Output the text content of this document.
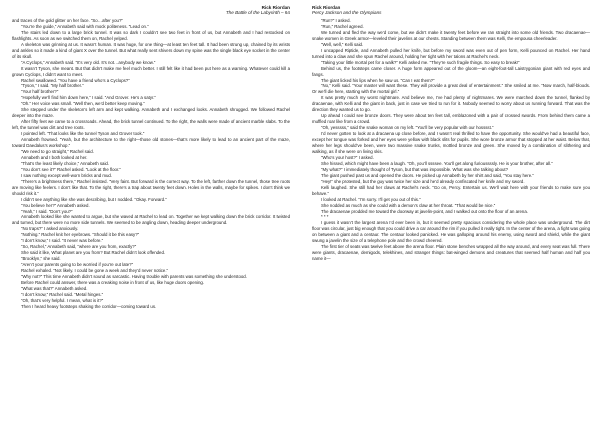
Rick Riordan
The Battle of the Labyrinth – 64

and traces of the gold glitter on her face. “So…after you?”

“You’re the guide,” Annabeth said with mock politeness. “Lead on.”

The stairs led down to a large brick tunnel. It was so dark I couldn’t see two feet in front of us, but Annabeth and I had restocked on flashlights. As soon as we switched them on, Rachel yelped.

A skeleton was grinning at us. It wasn’t human. It was huge, for one thing—at least ten feet tall. It had been strung up, chained by its wrists and ankles so it made a kind of giant X over the tunnel. But what really sent shivers down my spine was the single black eye socket in the center of its skull.

“A Cyclops,” Annabeth said. “It’s very old. It’s not…anybody we know.”

It wasn’t Tyson, she meant. But that didn’t make me feel much better. I still felt like it had been put here as a warning. Whatever could kill a grown Cyclops, I didn’t want to meet.

Rachel swallowed. “You have a friend who’s a Cyclops?”

“Tyson,” I said. “My half brother.”

“Your half brother?”

“Hopefully we’ll find him down here,” I said. “And Grover. He’s a satyr.”

“Oh.” Her voice was small. “Well then, we’d better keep moving.”

She stepped under the skeleton’s left arm and kept walking. Annabeth and I exchanged looks. Annabeth shrugged. We followed Rachel deeper into the maze.

After fifty feet we came to a crossroads. Ahead, the brick tunnel continued. To the right, the walls were made of ancient marble slabs. To the left, the tunnel was dirt and tree roots.

I pointed left. “That looks like the tunnel Tyson and Grover took.”

Annabeth frowned. “Yeah, but the architecture to the right—those old stones—that’s more likely to lead to an ancient part of the maze, toward Daedalus’s workshop.”

“We need to go straight,” Rachel said.

Annabeth and I both looked at her.

“That’s the least likely choice,” Annabeth said.

“You don’t see it?” Rachel asked. “Look at the floor.”

I saw nothing except well-worn bricks and mud.

“There’s a brightness there,” Rachel insisted. “Very faint. But forward is the correct way. To the left, farther down the tunnel, those tree roots are moving like feelers. I don’t like that. To the right, there’s a trap about twenty feet down. Holes in the walls, maybe for spikes. I don’t think we should risk it.”

I didn’t see anything like she was describing, but I nodded. “Okay. Forward.”

“You believe her?” Annabeth asked.

“Yeah,” I said. “Don’t you?”

Annabeth looked like she wanted to argue, but she waved at Rachel to lead on. Together we kept walking down the brick corridor. It twisted and turned, but there were no more side tunnels. We seemed to be angling down, heading deeper underground.

“No traps?” I asked anxiously.

“Nothing.” Rachel knit her eyebrows. “Should it be this easy?”

“I don’t know,” I said. “It never was before.”

“So, Rachel,” Annabeth said, “where are you from, exactly?”

She said it like, What planet are you from? But Rachel didn’t look offended.

“Brooklyn,” she said.

“Aren’t your parents going to be worried if you’re out late?”

Rachel exhaled. “Not likely. I could be gone a week and they’d never notice.”

“Why not?” This time Annabeth didn’t sound as sarcastic. Having trouble with parents was something she understood.

Before Rachel could answer, there was a creaking noise in front of us, like huge doors opening.

“What was that?” Annabeth asked.

“I don’t know,” Rachel said. “Metal hinges.”

“Oh, that’s very helpful. I mean, what is it?”

Then I heard heavy footsteps shaking the corridor—coming toward us.

Rick Riordan
Percy Jackson and the Olympians

“Run?” I asked.

“Run,” Rachel agreed.

We turned and fled the way we’d come, but we didn’t make it twenty feet before we ran straight into some old friends. Two dracaenae—snake women in Greek armor—leveled their javelins at our chests. Standing between them was Kelli, the empousa cheerleader.

“Well, well,” Kelli said.

I uncapped Riptide, and Annabeth pulled her knife, but before my sword was even out of pen form, Kelli pounced on Rachel. Her hand turned into a claw and she spun Rachel around, holding her tight with her talons at Rachel’s neck.

“Taking your little mortal pet for a walk?” Kelli asked me. “They’re such fragile things. So easy to break!”

Behind us, the footsteps came closer. A huge form appeared out of the gloom—an eight-foot-tall Laistrygonian giant with red eyes and fangs.

The giant licked his lips when he saw us. “Can I eat them?”

“No,” Kelli said. “Your master will want these. They will provide a great deal of entertainment.” She smiled at me. “Now march, half-bloods. Or we’ll die here, starting with the mortal girl.”

It was pretty much my worst nightmare. And believe me, I’ve had plenty of nightmares. We were marched down the tunnel, flanked by dracaenae, with Kelli and the giant in back, just in case we tried to run for it. Nobody seemed to worry about us running forward. That was the direction they wanted us to go.

Up ahead I could see bronze doors. They were about ten feet tall, emblazoned with a pair of crossed swords. From behind them came a muffled roar like from a crowd.

“Oh, yesssss,” said the snake woman on my left. “You’ll be very popular with our hosssst.”

I’d never gotten to look at a dracaena up close before, and I wasn’t real thrilled to have the opportunity. She would’ve had a beautiful face, except her tongue was forked and her eyes were yellow with black slits for pupils. She wore bronze armor that stopped at her waist. Below that, where her legs should’ve been, were two massive snake trunks, mottled bronze and green. She moved by a combination of slithering and walking, as if she were on living skis.

“Who’s your host?” I asked.

She hissed, which might have been a laugh. “Oh, you’ll ssssee. You’ll get along furioussssly. He is your brother, after all.”

“My what?” I immediately thought of Tyson, but that was impossible. What was she talking about?

The giant pushed past us and opened the doors. He picked up Annabeth by her shirt and said, “You stay here.”

“Hey!” she protested, but the guy was twice her size and he’d already confiscated her knife and my sword.

Kelli laughed. She still had her claws at Rachel’s neck. “Go on, Percy. Entertain us. We’ll wait here with your friends to make sure you behave.”

I looked at Rachel. “I’m sorry. I’ll get you out of this.”

She nodded as much as she could with a demon’s claw at her throat. “That would be nice.”

The dracaenae prodded me toward the doorway at javelin-point, and I walked out onto the floor of an arena.

* * *

I guess it wasn’t the largest arena I’d ever been in, but it seemed pretty spacious considering the whole place was underground. The dirt floor was circular, just big enough that you could drive a car around the rim if you pulled it really tight. In the center of the arena, a fight was going on between a giant and a centaur. The centaur looked panicked. He was galloping around his enemy, using sword and shield, while the giant swung a javelin the size of a telephone pole and the crowd cheered.

The first tier of seats was twelve feet above the arena floor. Plain stone benches wrapped all the way around, and every seat was full. There were giants, dracaenae, demigods, telekhines, and stranger things: bat-winged demons and creatures that seemed half human and half you name it—
